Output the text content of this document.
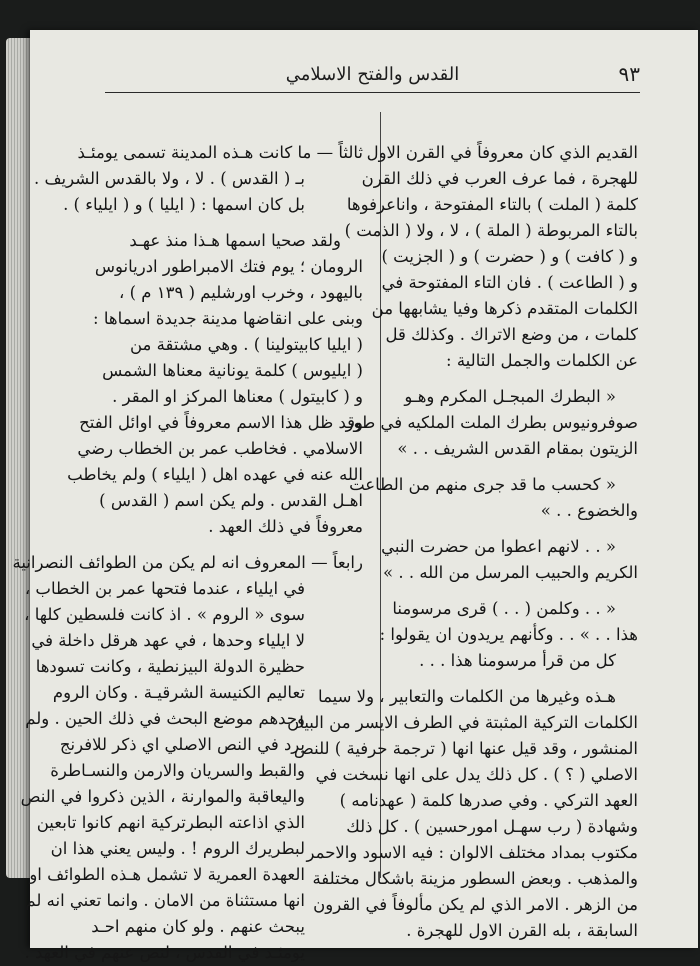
القدس والفتح الاسلامي	٩٣
القديم الذي كان معروفاً في القرن الاول
للهجرة ، فما عرف العرب في ذلك القرن
كلمة ( الملت ) بالتاء المفتوحة ، واناعرفوها
بالتاء المربوطة ( الملة ) ، لا ، ولا ( الذمت )
و ( كافت ) و ( حضرت ) و ( الجزيت )
و ( الطاعت ) . فان التاء المفتوحة في
الكلمات المتقدم ذكرها وفيا يشابهها من
كلمات ، من وضع الاتراك . وكذلك قل
عن الكلمات والجمل التالية :
« البطرك المبجـل المكرم وهـو
صوفرونيوس بطرك الملت الملكيه في طور
الزيتون بمقام القدس الشريف . . »
« كحسب ما قد جرى منهم من الطاعت
والخضوع . . »
« . . لانهم اعطوا من حضرت النبي
الكريم والحبيب المرسل من الله . . »
« . . وكلمن ( . . ) قرى مرسومنا
هذا . . » . . وكأنهم يريدون ان يقولوا :
كل من قرأ مرسومنا هذا . . .
هـذه وغيرها من الكلمات والتعابير ، ولا سيما
الكلمات التركية المثبتة في الطرف الايسر من البيان
المنشور ، وقد قيل عنها انها ( ترجمة حرفية ) للنص
الاصلي ( ؟ ) . كل ذلك يدل على انها نسخت في
العهد التركي . وفي صدرها كلمة ( عهدنامه )
وشهادة ( رب سهـل امورحسين ) . كل ذلك
مكتوب بمداد مختلف الالوان : فيه الاسود والاحمر
والمذهب . وبعض السطور مزينة باشكال مختلفة
من الزهر . الامر الذي لم يكن مألوفاً في القرون
السابقة ، بله القرن الاول للهجرة .
ثالثاً — ما كانت هـذه المدينة تسمى يومئـذ
بـ ( القدس ) . لا ، ولا بالقدس الشريف .
بل كان اسمها : ( ايليا ) و ( ايلياء ) .
ولقد صحيا اسمها هـذا منذ عهـد
الرومان ؛ يوم فتك الامبراطور ادريانوس
باليهود ، وخرب اورشليم ( ١٣٩ م ) ،
وبنى على انقاضها مدينة جديدة اسماها :
( ايليا كابيتولينا ) . وهي مشتقة من
( ايليوس ) كلمة يونانية معناها الشمس
و ( كابيتول ) معناها المركز او المقر .
وقد ظل هذا الاسم معروفاً في اوائل الفتح
الاسلامي . فخاطب عمر بن الخطاب رضي
الله عنه في عهده اهل ( ايلياء ) ولم يخاطب
اهـل القدس . ولم يكن اسم ( القدس )
معروفاً في ذلك العهد .
رابعاً — المعروف انه لم يكن من الطوائف النصرانية
في ايلياء ، عندما فتحها عمر بن الخطاب ،
سوى « الروم » . اذ كانت فلسطين كلها ،
لا ايلياء وحدها ، في عهد هرقل داخلة في
حظيرة الدولة البيزنطية ، وكانت تسودها
تعاليم الكنيسة الشرقيـة . وكان الروم
وحدهم موضع البحث في ذلك الحين . ولم
يرد في النص الاصلي اي ذكر للافرنج
والقبط والسريان والارمن والنسـاطرة
واليعاقبة والموارنة ، الذين ذكروا في النص
الذي اذاعته البطرتركية انهم كانوا تابعين
لبطريرك الروم ! . وليس يعني هذا ان
العهدة العمرية لا تشمل هـذه الطوائف او
انها مستثناة من الامان . وانما تعني انه لم
يبحث عنهم . ولو كان منهم احـد
يومئـذ في القدس ، لنص عنهم في العهد .
